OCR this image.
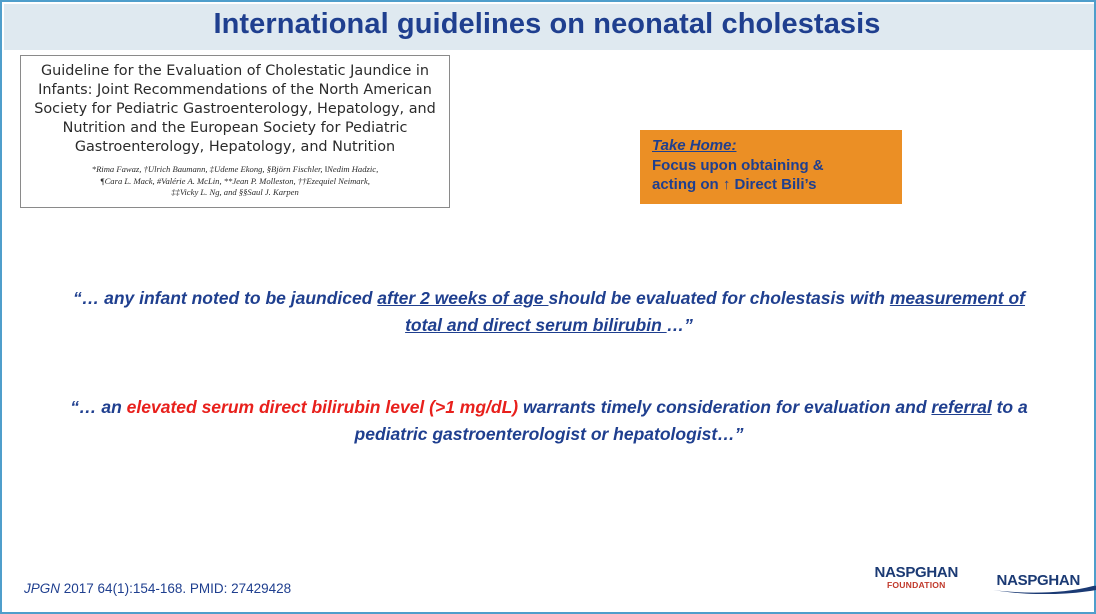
International guidelines on neonatal cholestasis
Guideline for the Evaluation of Cholestatic Jaundice in
Infants: Joint Recommendations of the North American
Society for Pediatric Gastroenterology, Hepatology, and
Nutrition and the European Society for Pediatric
Gastroenterology, Hepatology, and Nutrition
*Rima Fawaz, †Ulrich Baumann, ‡Udeme Ekong, §Björn Fischler, ‖Nedim Hadzic,
¶Cara L. Mack, #Valérie A. McLin, **Jean P. Molleston, ††Ezequiel Neimark,
‡‡Vicky L. Ng, and §§Saul J. Karpen
Take Home:
Focus upon obtaining &
acting on ↑ Direct Bili’s
“… any infant noted to be jaundiced after 2 weeks of age should be evaluated for cholestasis with measurement of total and direct serum bilirubin …”
“… an elevated serum direct bilirubin level (>1 mg/dL) warrants timely consideration for evaluation and referral to a pediatric gastroenterologist or hepatologist…”
JPGN 2017 64(1):154-168. PMID: 27429428
NASPGHAN
FOUNDATION	NASPGHAN
